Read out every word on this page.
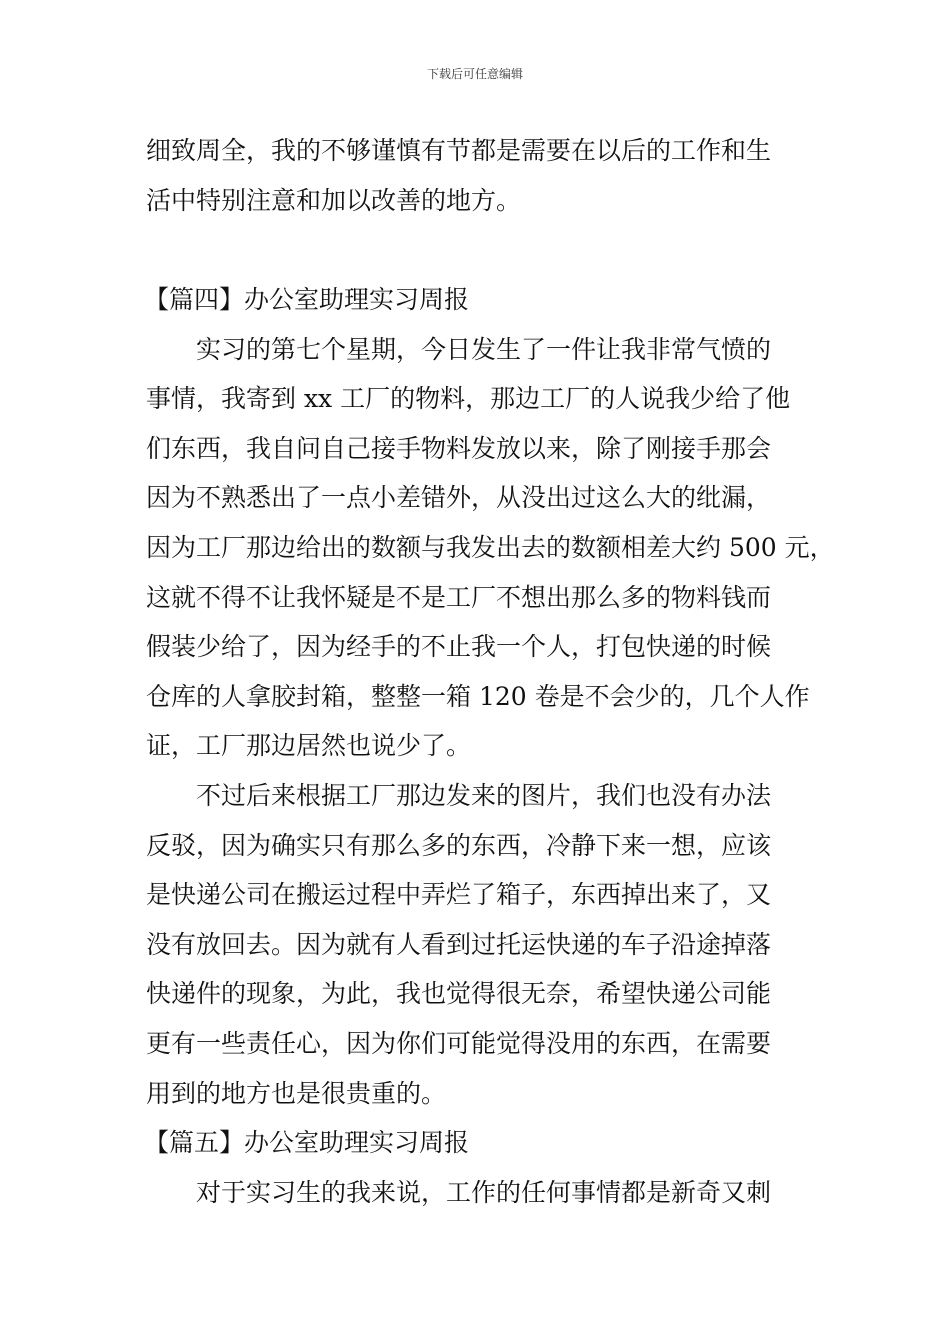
下载后可任意编辑
细致周全，我的不够谨慎有节都是需要在以后的工作和生
活中特别注意和加以改善的地方。
【篇四】办公室助理实习周报
实习的第七个星期，今日发生了一件让我非常气愤的
事情，我寄到 xx 工厂的物料，那边工厂的人说我少给了他
们东西，我自问自己接手物料发放以来，除了刚接手那会
因为不熟悉出了一点小差错外，从没出过这么大的纰漏，
因为工厂那边给出的数额与我发出去的数额相差大约 500 元，
这就不得不让我怀疑是不是工厂不想出那么多的物料钱而
假装少给了，因为经手的不止我一个人，打包快递的时候
仓库的人拿胶封箱，整整一箱 120 卷是不会少的，几个人作
证，工厂那边居然也说少了。
不过后来根据工厂那边发来的图片，我们也没有办法
反驳，因为确实只有那么多的东西，冷静下来一想，应该
是快递公司在搬运过程中弄烂了箱子，东西掉出来了，又
没有放回去。因为就有人看到过托运快递的车子沿途掉落
快递件的现象，为此，我也觉得很无奈，希望快递公司能
更有一些责任心，因为你们可能觉得没用的东西，在需要
用到的地方也是很贵重的。
【篇五】办公室助理实习周报
对于实习生的我来说，工作的任何事情都是新奇又刺
